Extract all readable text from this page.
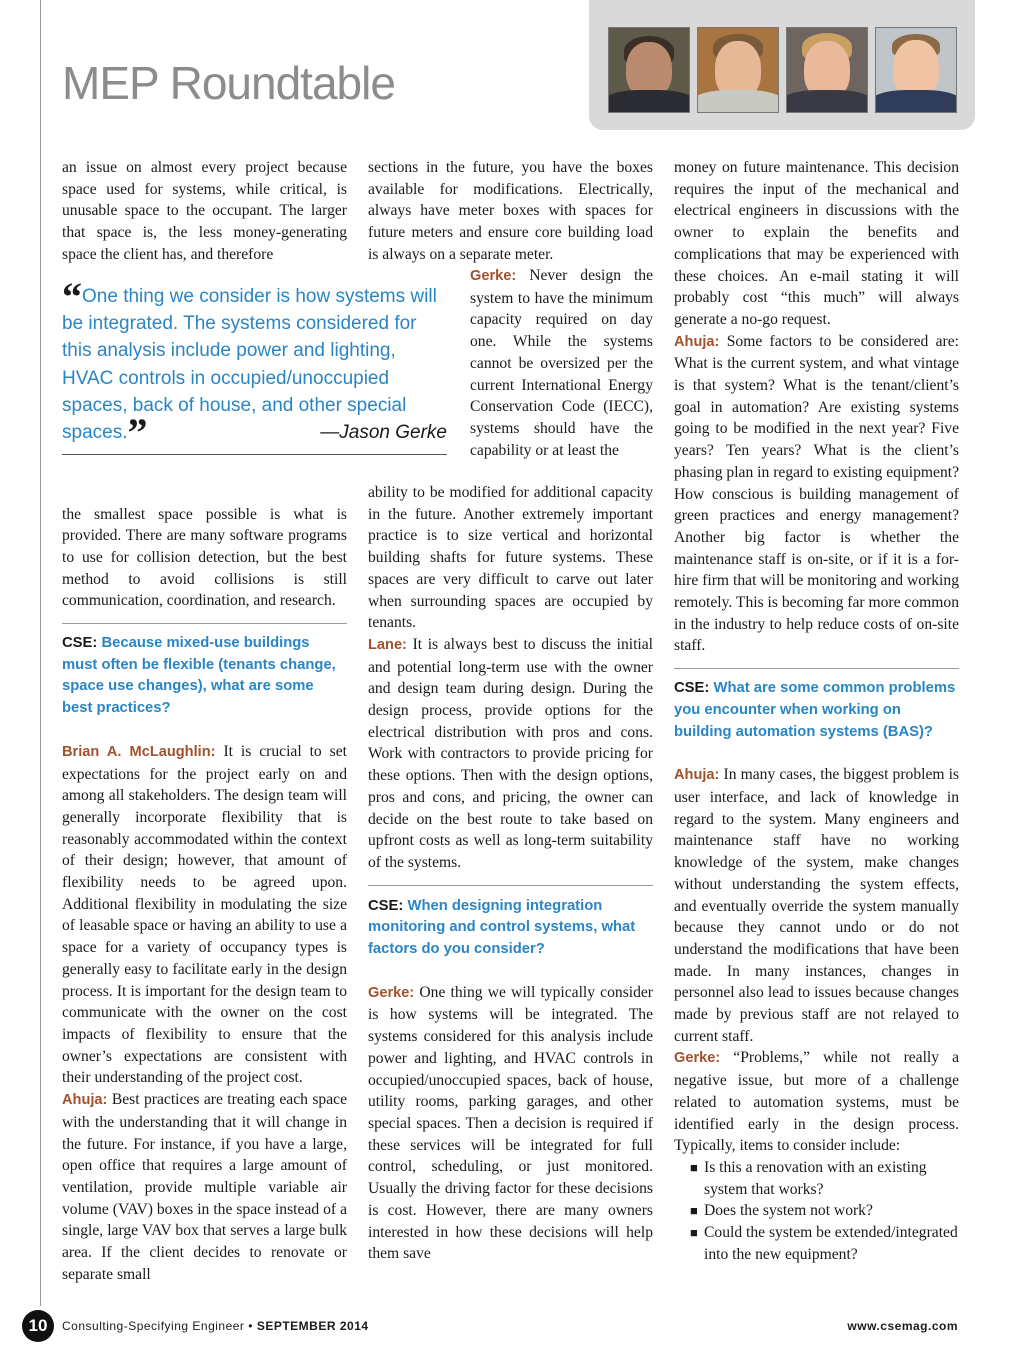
MEP Roundtable

an issue on almost every project because space used for systems, while critical, is unusable space to the occupant. The larger that space is, the less money-generating space the client has, and therefore

the smallest space possible is what is provided. There are many software programs to use for collision detection, but the best method to avoid collisions is still communication, coordination, and research.

CSE: Because mixed-use buildings must often be flexible (tenants change, space use changes), what are some best practices?

Brian A. McLaughlin: It is crucial to set expectations for the project early on and among all stakeholders. The design team will generally incorporate flexibility that is reasonably accommodated within the context of their design; however, that amount of flexibility needs to be agreed upon. Additional flexibility in modulating the size of leasable space or having an ability to use a space for a variety of occupancy types is generally easy to facilitate early in the design process. It is important for the design team to communicate with the owner on the cost impacts of flexibility to ensure that the owner’s expectations are consistent with their understanding of the project cost.

Ahuja: Best practices are treating each space with the understanding that it will change in the future. For instance, if you have a large, open office that requires a large amount of ventilation, provide multiple variable air volume (VAV) boxes in the space instead of a single, large VAV box that serves a large bulk area. If the client decides to renovate or separate small

“One thing we consider is how systems will be integrated. The systems considered for this analysis include power and lighting, HVAC controls in occupied/unoccupied spaces, back of house, and other special spaces.”	—Jason Gerke

sections in the future, you have the boxes available for modifications. Electrically, always have meter boxes with spaces for future meters and ensure core building load is always on a separate meter.

Gerke: Never design the system to have the minimum capacity required on day one. While the systems cannot be oversized per the current International Energy Conservation Code (IECC), systems should have the capability or at least the

ability to be modified for additional capacity in the future. Another extremely important practice is to size vertical and horizontal building shafts for future systems. These spaces are very difficult to carve out later when surrounding spaces are occupied by tenants.

Lane: It is always best to discuss the initial and potential long-term use with the owner and design team during design. During the design process, provide options for the electrical distribution with pros and cons. Work with contractors to provide pricing for these options. Then with the design options, pros and cons, and pricing, the owner can decide on the best route to take based on upfront costs as well as long-term suitability of the systems.

CSE: When designing integration monitoring and control systems, what factors do you consider?

Gerke: One thing we will typically consider is how systems will be integrated. The systems considered for this analysis include power and lighting, and HVAC controls in occupied/unoccupied spaces, back of house, utility rooms, parking garages, and other special spaces. Then a decision is required if these services will be integrated for full control, scheduling, or just monitored. Usually the driving factor for these decisions is cost. However, there are many owners interested in how these decisions will help them save

money on future maintenance. This decision requires the input of the mechanical and electrical engineers in discussions with the owner to explain the benefits and complications that may be experienced with these choices. An e-mail stating it will probably cost “this much” will always generate a no-go request.

Ahuja: Some factors to be considered are: What is the current system, and what vintage is that system? What is the tenant/client’s goal in automation? Are existing systems going to be modified in the next year? Five years? Ten years? What is the client’s phasing plan in regard to existing equipment? How conscious is building management of green practices and energy management? Another big factor is whether the maintenance staff is on-site, or if it is a for-hire firm that will be monitoring and working remotely. This is becoming far more common in the industry to help reduce costs of on-site staff.

CSE: What are some common problems you encounter when working on building automation systems (BAS)?

Ahuja: In many cases, the biggest problem is user interface, and lack of knowledge in regard to the system. Many engineers and maintenance staff have no working knowledge of the system, make changes without understanding the system effects, and eventually override the system manually because they cannot undo or do not understand the modifications that have been made. In many instances, changes in personnel also lead to issues because changes made by previous staff are not relayed to current staff.

Gerke: “Problems,” while not really a negative issue, but more of a challenge related to automation systems, must be identified early in the design process. Typically, items to consider include:

■ Is this a renovation with an existing system that works?
■ Does the system not work?
■ Could the system be extended/integrated into the new equipment?
10	Consulting-Specifying Engineer • SEPTEMBER 2014	www.csemag.com
